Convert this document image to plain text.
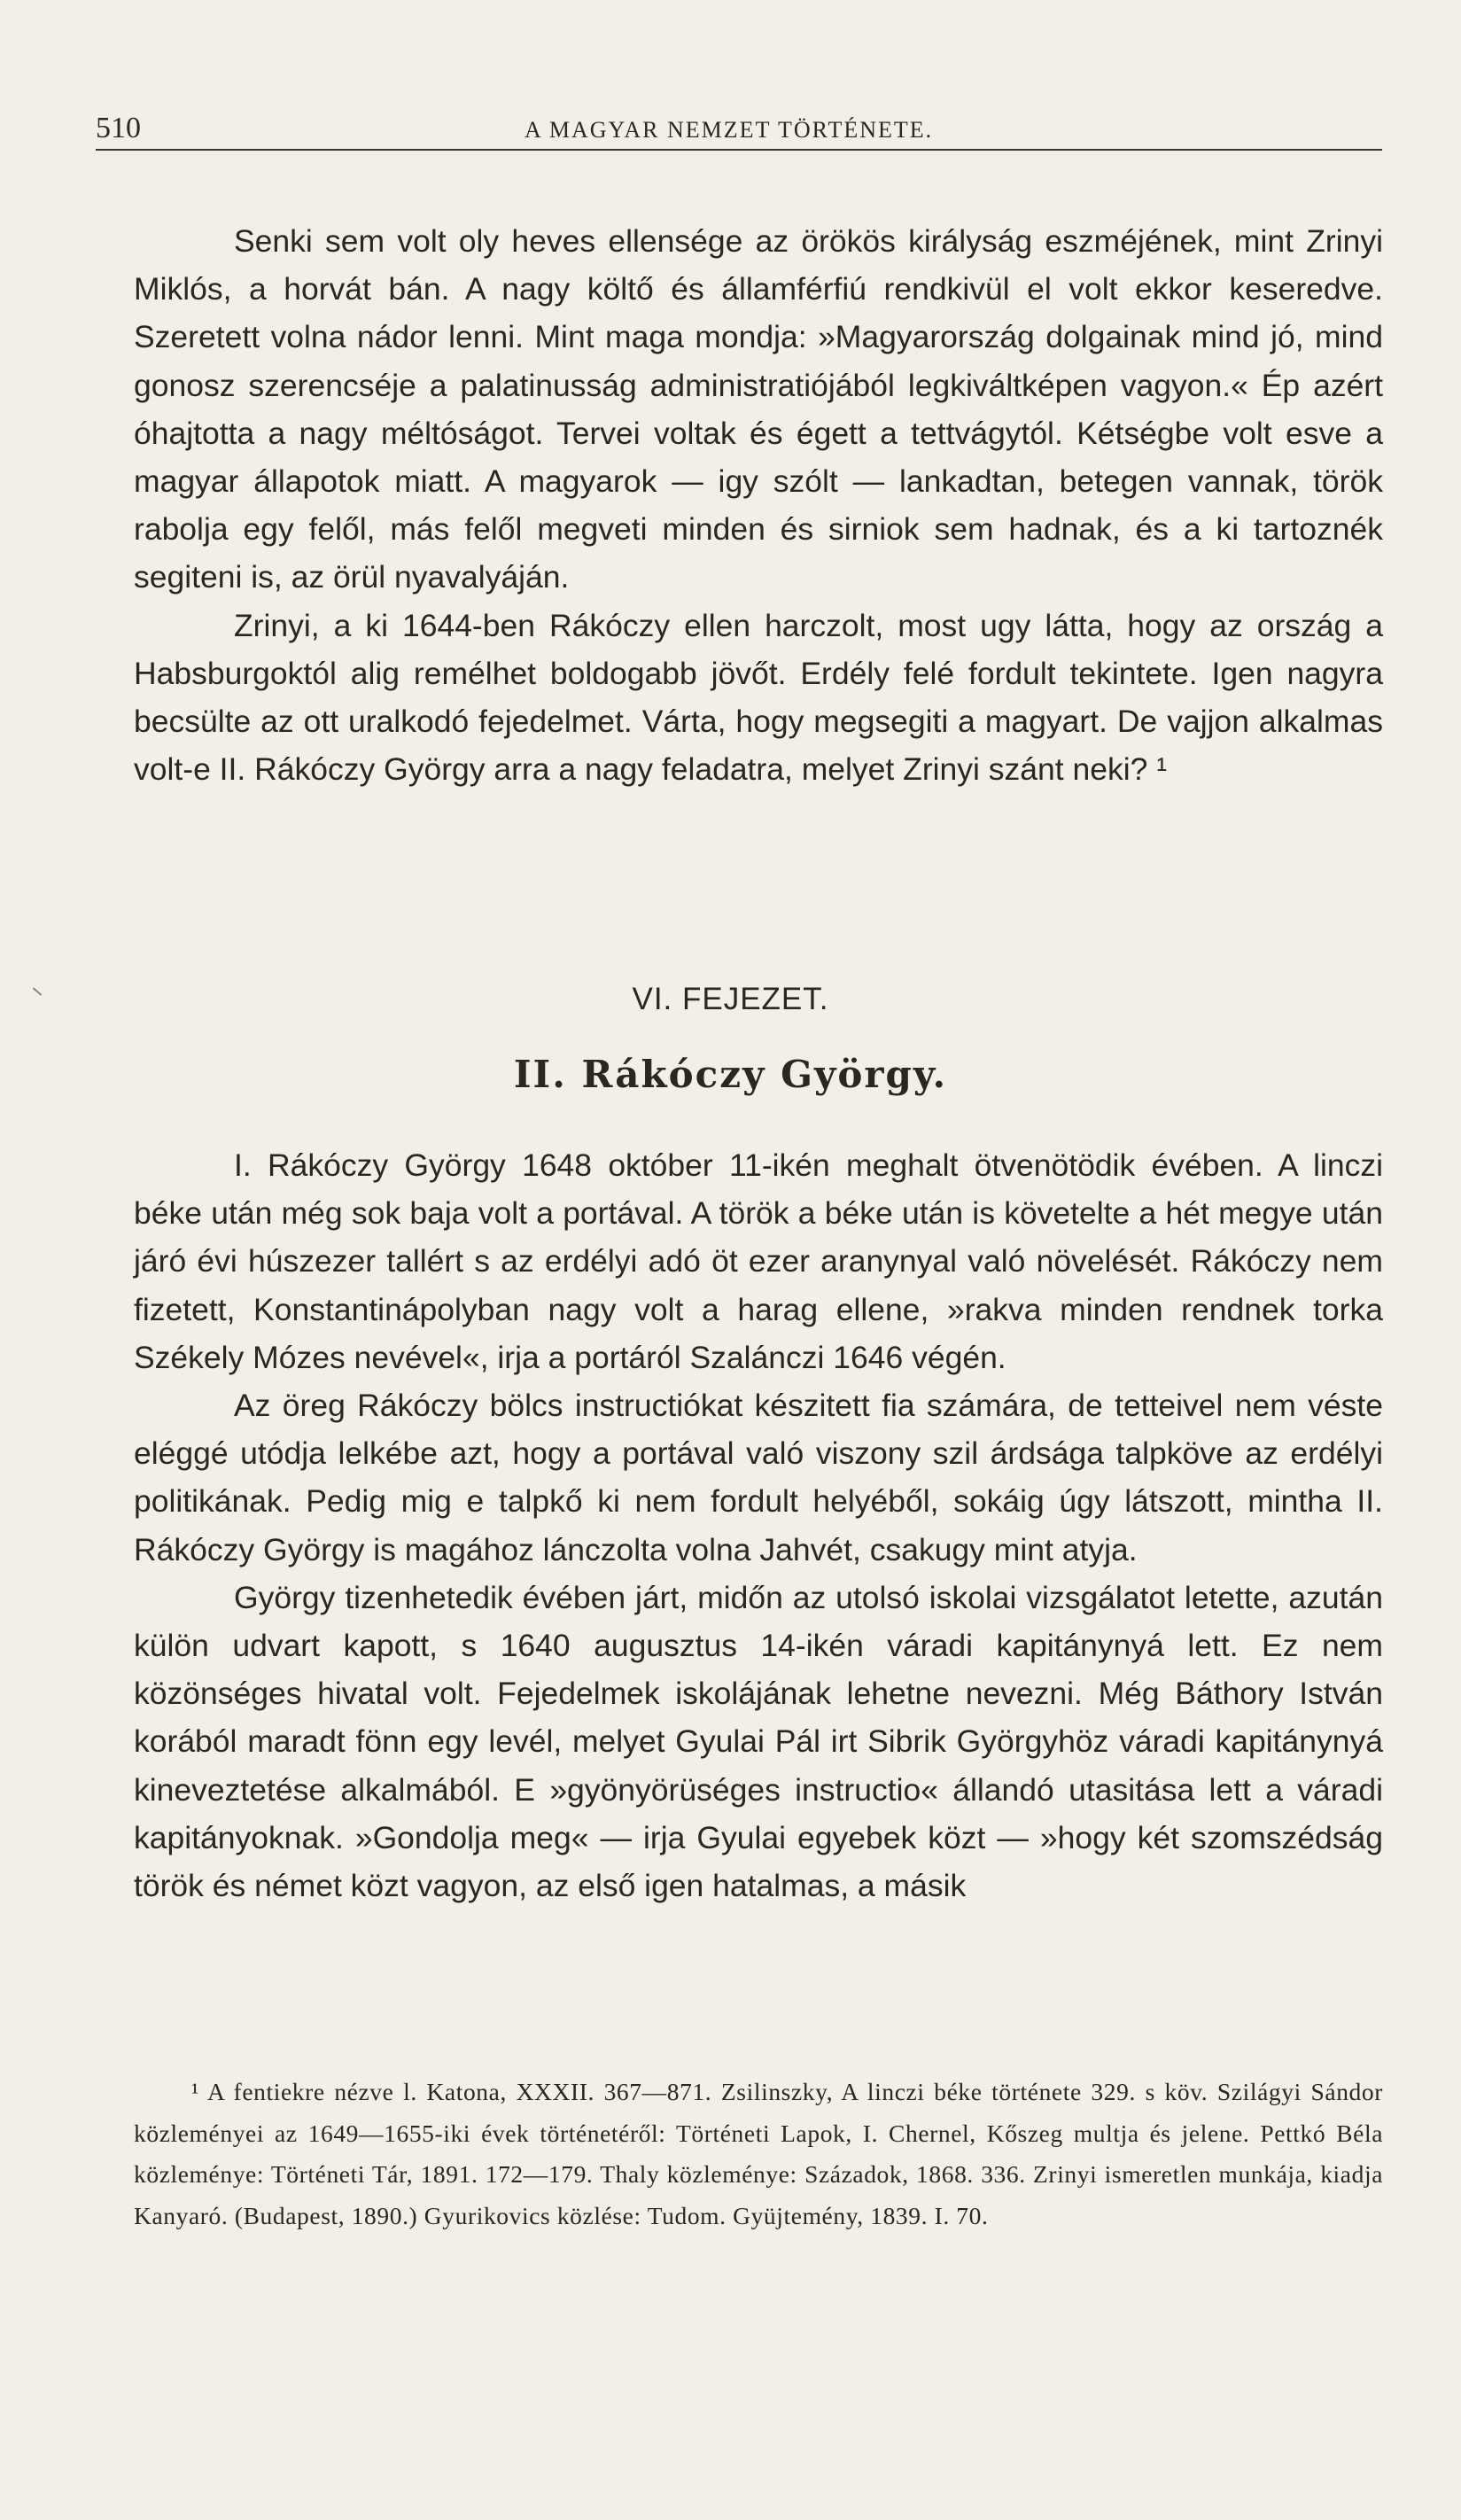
510	A MAGYAR NEMZET TÖRTÉNETE.

Senki sem volt oly heves ellensége az örökös királyság eszméjének, mint Zrinyi Miklós, a horvát bán. A nagy költő és államférfiú rendkivül el volt ekkor keseredve. Szeretett volna nádor lenni. Mint maga mondja: »Magyarország dolgainak mind jó, mind gonosz szerencséje a palatinusság administratiójából legkiváltképen vagyon.« Ép azért óhajtotta a nagy méltóságot. Tervei voltak és égett a tettvágytól. Kétségbe volt esve a magyar állapotok miatt. A magyarok — igy szólt — lankadtan, betegen vannak, török rabolja egy felől, más felől megveti minden és sirniok sem hadnak, és a ki tartoznék segiteni is, az örül nyavalyáján.

Zrinyi, a ki 1644-ben Rákóczy ellen harczolt, most ugy látta, hogy az ország a Habsburgoktól alig remélhet boldogabb jövőt. Erdély felé fordult tekintete. Igen nagyra becsülte az ott uralkodó fejedelmet. Várta, hogy megsegiti a magyart. De vajjon alkalmas volt-e II. Rákóczy György arra a nagy feladatra, melyet Zrinyi szánt neki? ¹

VI. FEJEZET.
II. Rákóczy György.

I. Rákóczy György 1648 október 11-ikén meghalt ötvenötödik évében. A linczi béke után még sok baja volt a portával. A török a béke után is követelte a hét megye után járó évi húszezer tallért s az erdélyi adó öt ezer aranynyal való növelését. Rákóczy nem fizetett, Konstantinápolyban nagy volt a harag ellene, »rakva minden rendnek torka Székely Mózes nevével«, irja a portáról Szalánczi 1646 végén.

Az öreg Rákóczy bölcs instructiókat készitett fia számára, de tetteivel nem véste eléggé utódja lelkébe azt, hogy a portával való viszony szil árdsága talpköve az erdélyi politikának. Pedig mig e talpkő ki nem fordult helyéből, sokáig úgy látszott, mintha II. Rákóczy György is magához lánczolta volna Jahvét, csakugy mint atyja.

György tizenhetedik évében járt, midőn az utolsó iskolai vizsgálatot letette, azután külön udvart kapott, s 1640 augusztus 14-ikén váradi kapitánynyá lett. Ez nem közönséges hivatal volt. Fejedelmek iskolájának lehetne nevezni. Még Báthory István korából maradt fönn egy levél, melyet Gyulai Pál irt Sibrik Györgyhöz váradi kapitánynyá kineveztetése alkalmából. E »gyönyörüséges instructio« állandó utasitása lett a váradi kapitányoknak. »Gondolja meg« — irja Gyulai egyebek közt — »hogy két szomszédság török és német közt vagyon, az első igen hatalmas, a másik

¹ A fentiekre nézve l. Katona, XXXII. 367—871. Zsilinszky, A linczi béke története 329. s köv. Szilágyi Sándor közleményei az 1649—1655-iki évek történetéről: Történeti Lapok, I. Chernel, Kőszeg multja és jelene. Pettkó Béla közleménye: Történeti Tár, 1891. 172—179. Thaly közleménye: Századok, 1868. 336. Zrinyi ismeretlen munkája, kiadja Kanyaró. (Budapest, 1890.) Gyurikovics közlése: Tudom. Gyüjtemény, 1839. I. 70.
